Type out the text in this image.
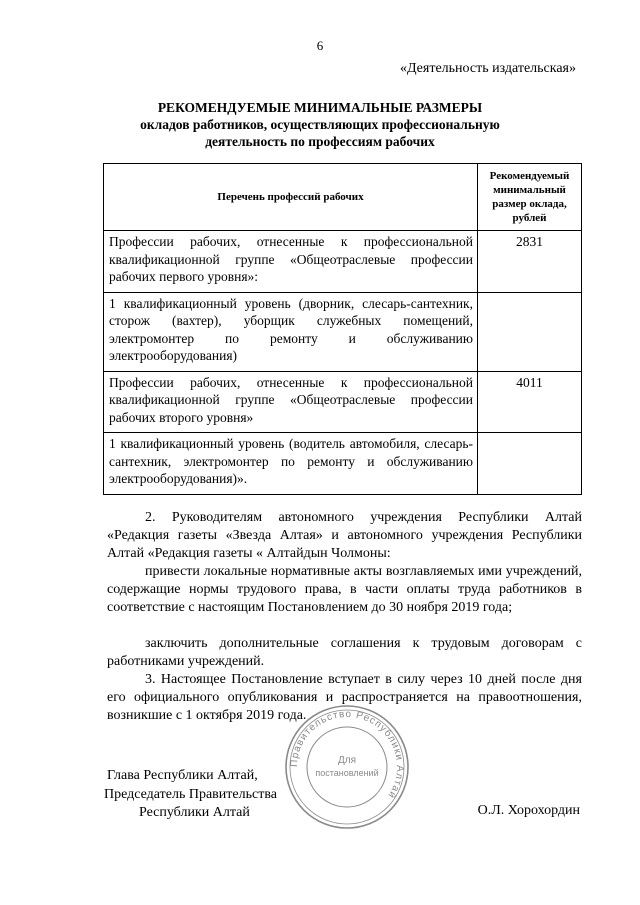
6
«Деятельность издательская»
РЕКОМЕНДУЕМЫЕ МИНИМАЛЬНЫЕ РАЗМЕРЫ
окладов работников, осуществляющих профессиональную
деятельность по профессиям рабочих
Перечень профессий рабочих	Рекомендуемый минимальный размер оклада, рублей
Профессии рабочих, отнесенные к профессиональной квалификационной группе «Общеотраслевые профессии рабочих первого уровня»:	2831
1 квалификационный уровень (дворник, слесарь-сантехник, сторож (вахтер), уборщик служебных помещений, электромонтер по ремонту и обслуживанию электрооборудования)	
Профессии рабочих, отнесенные к профессиональной квалификационной группе «Общеотраслевые профессии рабочих второго уровня»	4011
1 квалификационный уровень (водитель автомобиля, слесарь-сантехник, электромонтер по ремонту и обслуживанию электрооборудования)».	
2. Руководителям автономного учреждения Республики Алтай «Редакция газеты «Звезда Алтая» и автономного учреждения Республики Алтай «Редакция газеты « Алтайдын Чолмоны:
привести локальные нормативные акты возглавляемых ими учреждений, содержащие нормы трудового права, в части оплаты труда работников в соответствие с настоящим Постановлением до 30 ноября 2019 года;
заключить дополнительные соглашения к трудовым договорам с работниками учреждений.
3. Настоящее Постановление вступает в силу через 10 дней после дня его официального опубликования и распространяется на правоотношения, возникшие с 1 октября 2019 года.
Глава Республики Алтай,
Председатель Правительства
Республики Алтай	О.Л. Хорохордин
Правительство Республики Алтай
Для
постановлений
